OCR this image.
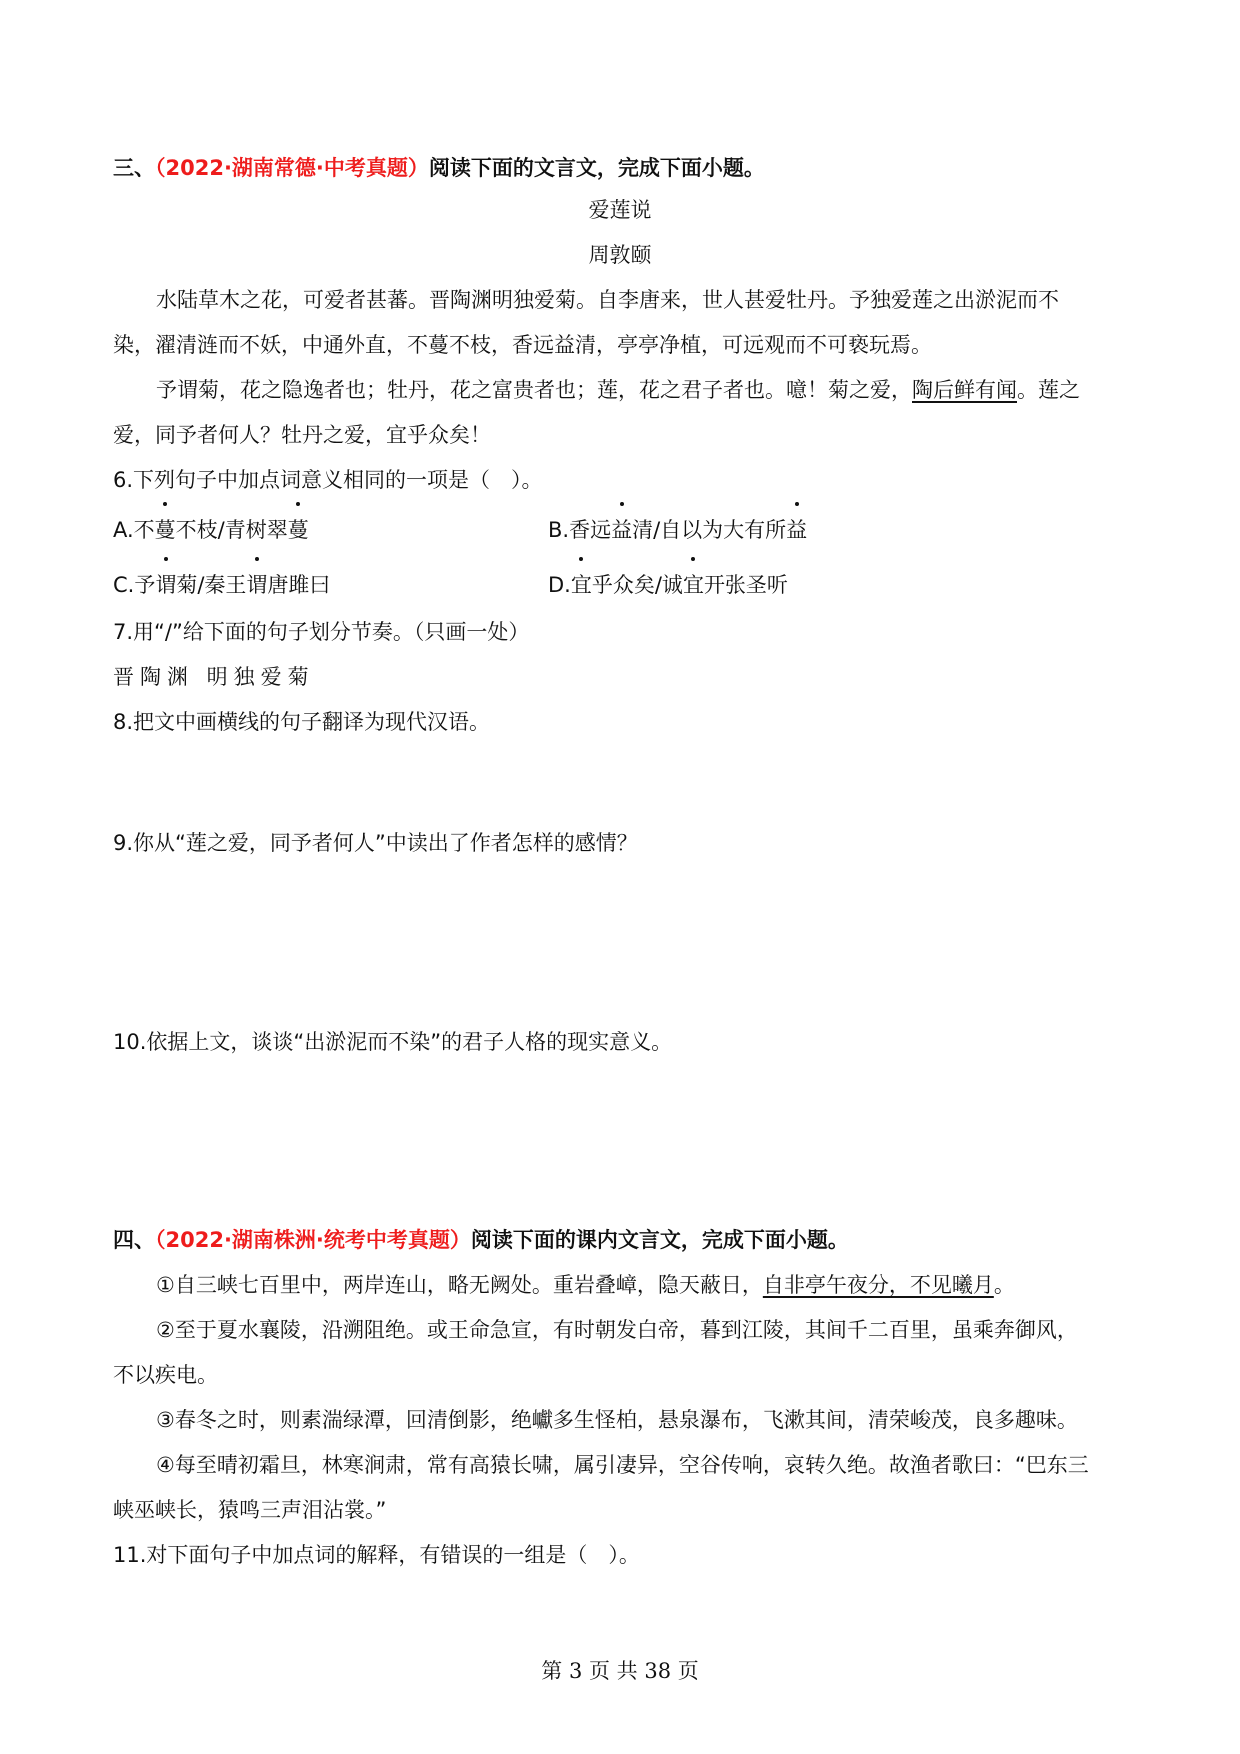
三、（2022·湖南常德·中考真题）阅读下面的文言文，完成下面小题。
爱莲说
周敦颐
水陆草木之花，可爱者甚蕃。晋陶渊明独爱菊。自李唐来，世人甚爱牡丹。予独爱莲之出淤泥而不
染，濯清涟而不妖，中通外直，不蔓不枝，香远益清，亭亭净植，可远观而不可亵玩焉。
予谓菊，花之隐逸者也；牡丹，花之富贵者也；莲，花之君子者也。噫！菊之爱，陶后鲜有闻。莲之
爱，同予者何人？牡丹之爱，宜乎众矣！
6.下列句子中加点词意义相同的一项是（　）。
A.不蔓不枝/青树翠蔓	B.香远益清/自以为大有所益
C.予谓菊/秦王谓唐雎曰	D.宜乎众矣/诚宜开张圣听
7.用“/”给下面的句子划分节奏。（只画一处）
晋陶渊 明独爱菊
8.把文中画横线的句子翻译为现代汉语。
9.你从“莲之爱，同予者何人”中读出了作者怎样的感情？
10.依据上文，谈谈“出淤泥而不染”的君子人格的现实意义。
四、（2022·湖南株洲·统考中考真题）阅读下面的课内文言文，完成下面小题。
①自三峡七百里中，两岸连山，略无阙处。重岩叠嶂，隐天蔽日，自非亭午夜分，不见曦月。
②至于夏水襄陵，沿溯阻绝。或王命急宣，有时朝发白帝，暮到江陵，其间千二百里，虽乘奔御风，
不以疾电。
③春冬之时，则素湍绿潭，回清倒影，绝巘多生怪柏，悬泉瀑布，飞漱其间，清荣峻茂，良多趣味。
④每至晴初霜旦，林寒涧肃，常有高猿长啸，属引凄异，空谷传响，哀转久绝。故渔者歌曰：“巴东三
峡巫峡长，猿鸣三声泪沾裳。”
11.对下面句子中加点词的解释，有错误的一组是（　）。
第 3 页 共 38 页
